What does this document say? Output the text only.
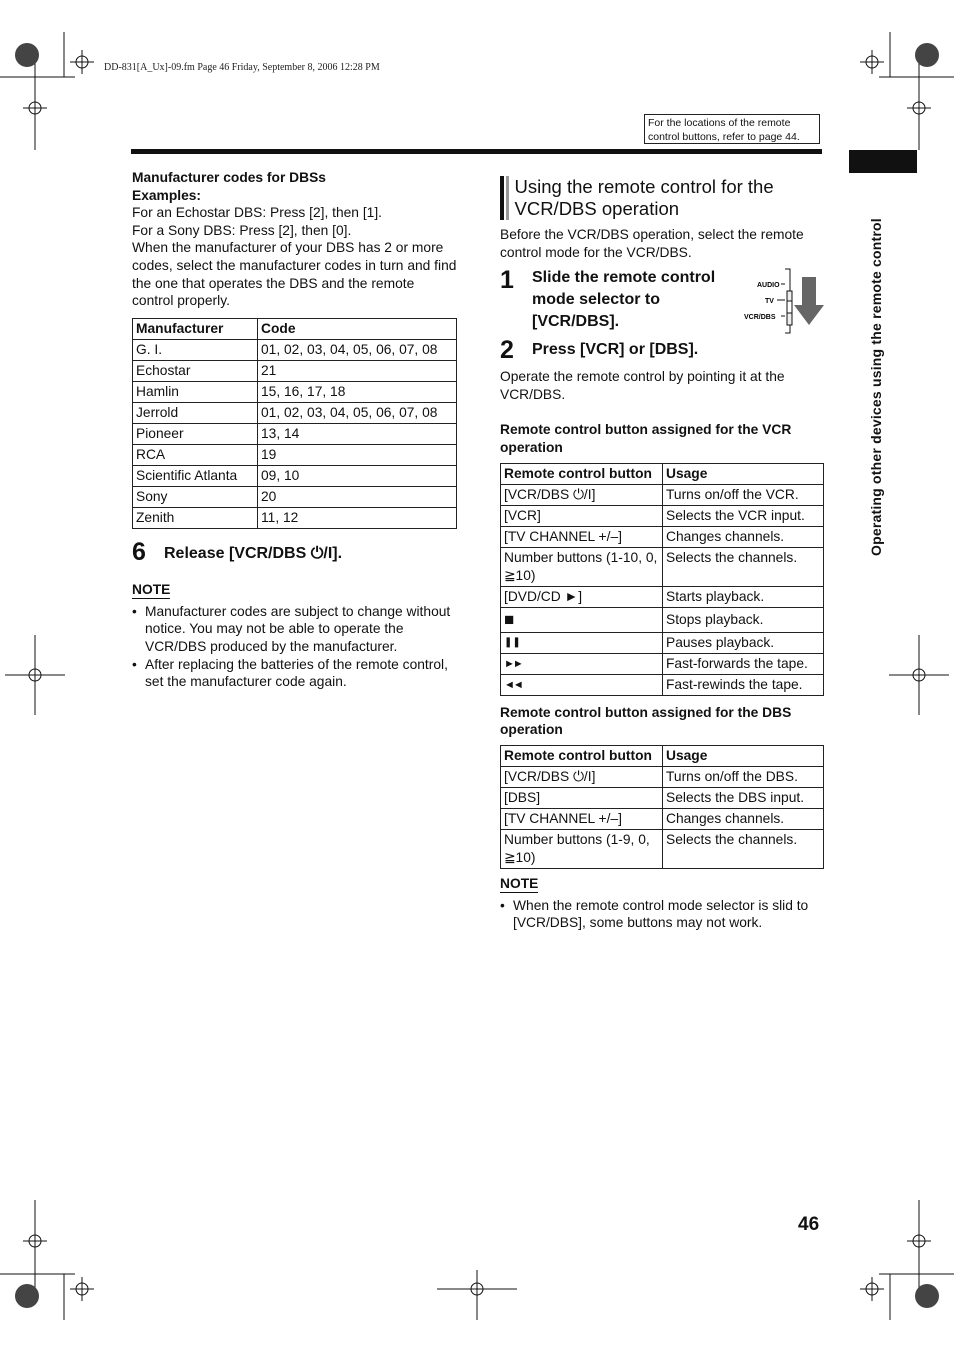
DD-831[A_Ux]-09.fm Page 46 Friday, September 8, 2006 12:28 PM
For the locations of the remote control buttons, refer to page 44.
Operating other devices using the remote control
Manufacturer codes for DBSs
Examples:
For an Echostar DBS: Press [2], then [1].
For a Sony DBS: Press [2], then [0].

When the manufacturer of your DBS has 2 or more codes, select the manufacturer codes in turn and find the one that operates the DBS and the remote control properly.

Manufacturer	Code
G. I.	01, 02, 03, 04, 05, 06, 07, 08
Echostar	21
Hamlin	15, 16, 17, 18
Jerrold	01, 02, 03, 04, 05, 06, 07, 08
Pioneer	13, 14
RCA	19
Scientific Atlanta	09, 10
Sony	20
Zenith	11, 12
6	Release [VCR/DBS ⏻/I].
NOTE
• Manufacturer codes are subject to change without notice. You may not be able to operate the VCR/DBS produced by the manufacturer.
• After replacing the batteries of the remote control, set the manufacturer code again.
Using the remote control for the VCR/DBS operation

Before the VCR/DBS operation, select the remote control mode for the VCR/DBS.

1	Slide the remote control mode selector to [VCR/DBS].
AUDIO
TV
VCR/DBS
2	Press [VCR] or [DBS].

Operate the remote control by pointing it at the VCR/DBS.

Remote control button assigned for the VCR operation
Remote control button	Usage
[VCR/DBS ⏻/I]	Turns on/off the VCR.
[VCR]	Selects the VCR input.
[TV CHANNEL +/–]	Changes channels.
Number buttons (1-10, 0, ≧10)	Selects the channels.
[DVD/CD ►]	Starts playback.
■	Stops playback.
❚❚	Pauses playback.
►►	Fast-forwards the tape.
◄◄	Fast-rewinds the tape.
Remote control button assigned for the DBS operation
Remote control button	Usage
[VCR/DBS ⏻/I]	Turns on/off the DBS.
[DBS]	Selects the DBS input.
[TV CHANNEL +/–]	Changes channels.
Number buttons (1-9, 0, ≧10)	Selects the channels.
NOTE
• When the remote control mode selector is slid to [VCR/DBS], some buttons may not work.
46
